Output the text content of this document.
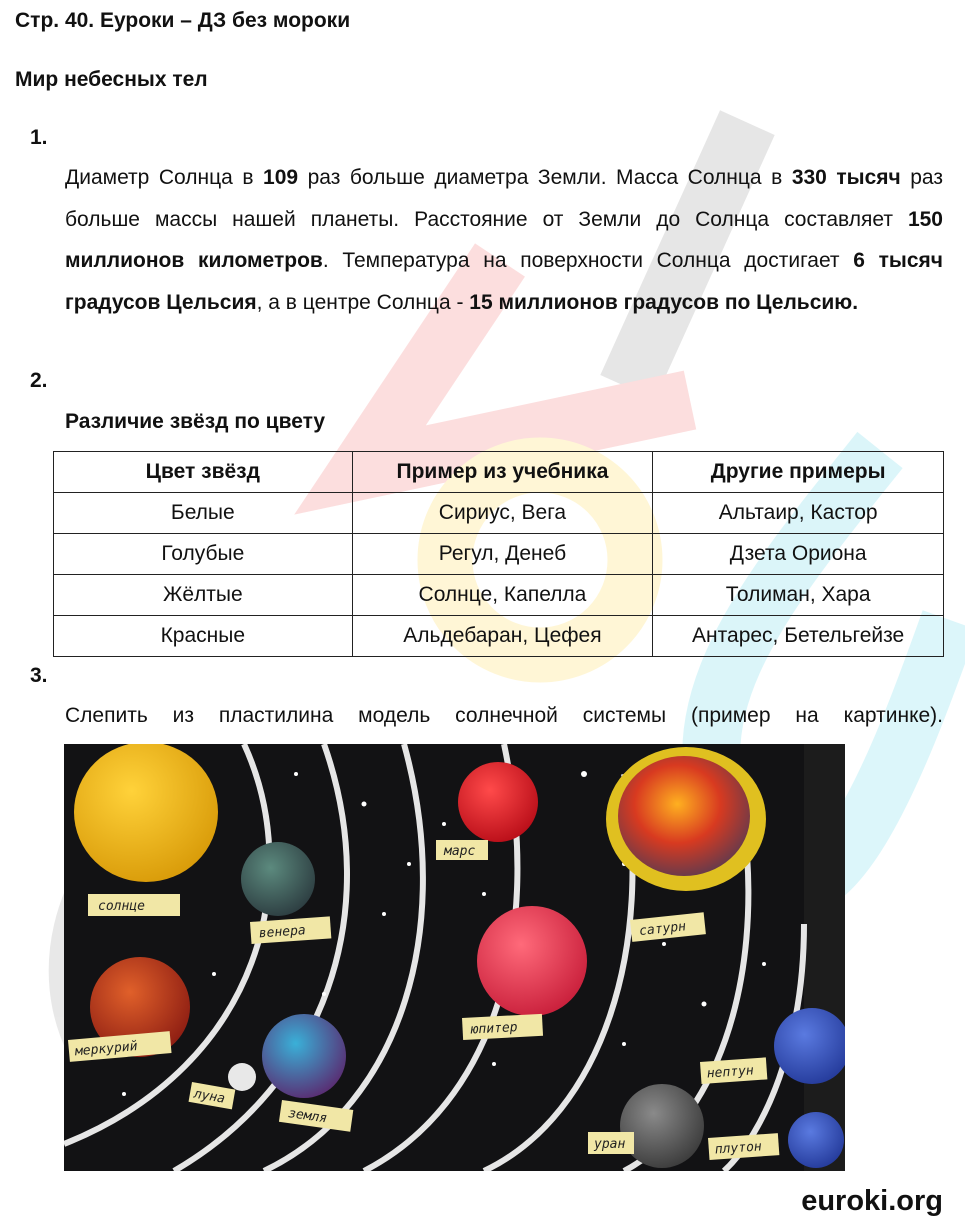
Стр. 40. Еуроки – ДЗ без мороки
Мир небесных тел
1.
Диаметр Солнца в 109 раз больше диаметра Земли. Масса Солнца в 330 тысяч раз больше массы нашей планеты. Расстояние от Земли до Солнца составляет 150 миллионов километров. Температура на поверхности Солнца достигает 6 тысяч градусов Цельсия, а в центре Солнца - 15 миллионов градусов по Цельсию.
2.
Различие звёзд по цвету
Цвет звёзд	Пример из учебника	Другие примеры
Белые	Сириус, Вега	Альтаир, Кастор
Голубые	Регул, Денеб	Дзета Ориона
Жёлтые	Солнце, Капелла	Толиман, Хара
Красные	Альдебаран, Цефея	Антарес, Бетельгейзе
3.
Слепить из пластилина модель солнечной системы (пример на картинке).
солнце
венера
марс
сатурн
юпитер
меркурий
луна
земля
нептун
уран	плутон
euroki.org
